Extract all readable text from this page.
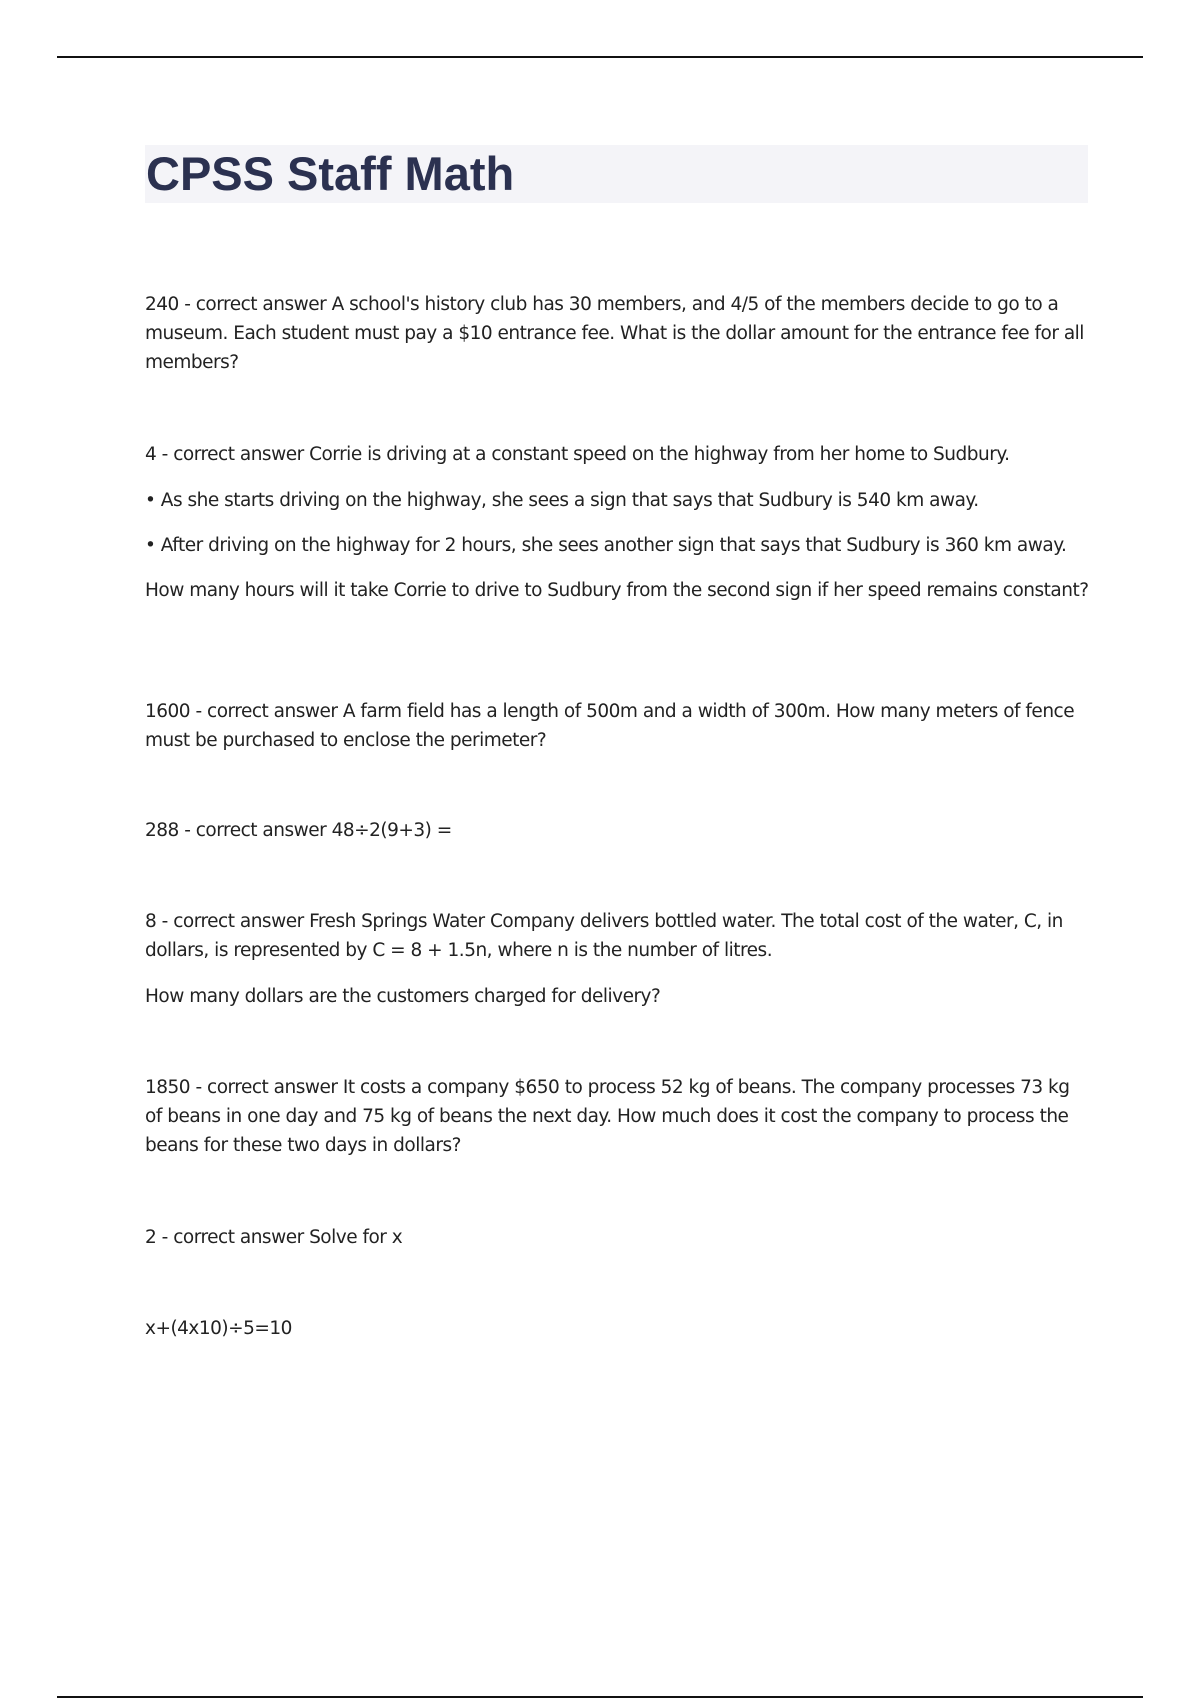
CPSS Staff Math

240 - correct answer A school's history club has 30 members, and 4/5 of the members decide to go to a museum. Each student must pay a $10 entrance fee. What is the dollar amount for the entrance fee for all members?

4 - correct answer Corrie is driving at a constant speed on the highway from her home to Sudbury.

• As she starts driving on the highway, she sees a sign that says that Sudbury is 540 km away.

• After driving on the highway for 2 hours, she sees another sign that says that Sudbury is 360 km away.

How many hours will it take Corrie to drive to Sudbury from the second sign if her speed remains constant?

1600 - correct answer A farm field has a length of 500m and a width of 300m. How many meters of fence must be purchased to enclose the perimeter?

288 - correct answer 48÷2(9+3) =

8 - correct answer Fresh Springs Water Company delivers bottled water. The total cost of the water, C, in dollars, is represented by C = 8 + 1.5n, where n is the number of litres.

How many dollars are the customers charged for delivery?

1850 - correct answer It costs a company $650 to process 52 kg of beans. The company processes 73 kg of beans in one day and 75 kg of beans the next day. How much does it cost the company to process the beans for these two days in dollars?

2 - correct answer Solve for x

x+(4x10)÷5=10
